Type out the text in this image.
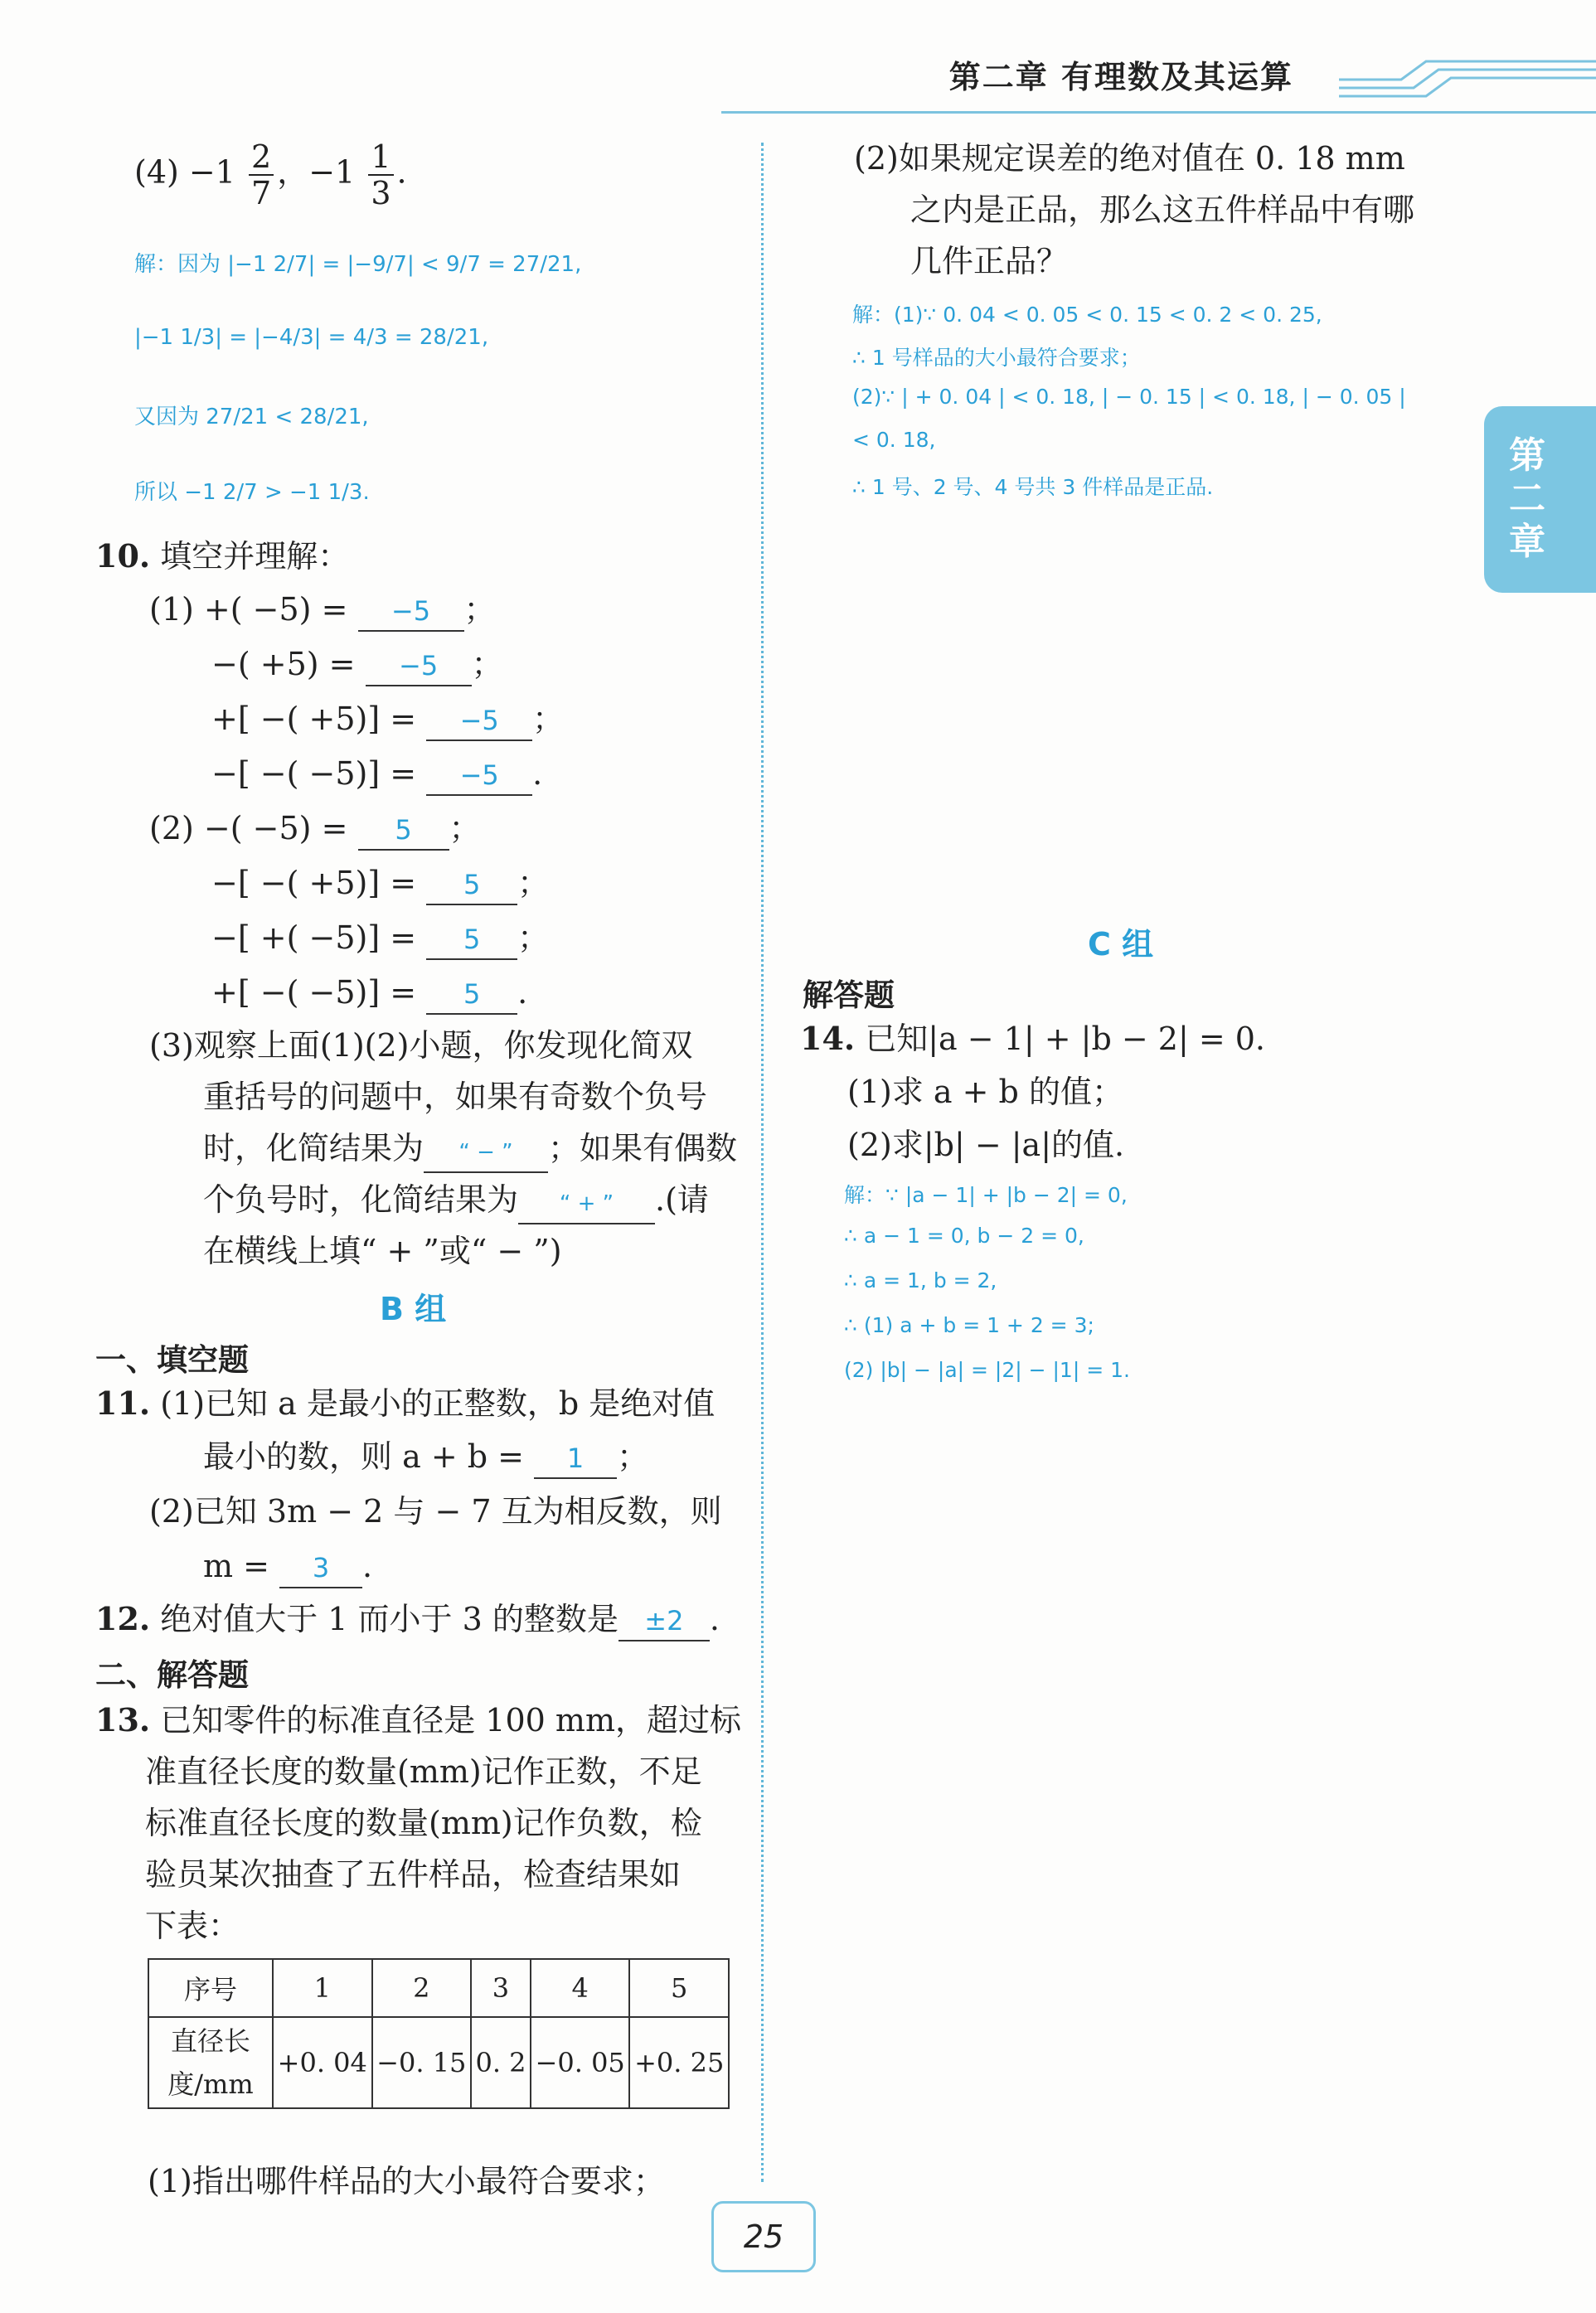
第二章 有理数及其运算
第二章
$(4) -1 \frac{2}{7}$ ，$-1 \frac{1}{3}$ .
解：因为 |−1 2/7| = |−9/7| < 9/7 = 27/21,
|−1 1/3| = |−4/3| = 4/3 = 28/21,
又因为 27/21 < 28/21,
所以 −1 2/7 > −1 1/3.
10. 填空并理解：
(1) +( −5) = −5 ；
−( +5) = −5 ；
+[ −( +5)] = −5 ；
−[ −( −5)] = −5 .
(2) −( −5) = 5 ；
−[ −( +5)] = 5 ；
−[ +( −5)] = 5 ；
+[ −( −5)] = 5 .
(3)观察上面(1)(2)小题，你发现化简双
重括号的问题中，如果有奇数个负号
时，化简结果为 “ − ” ；如果有偶数
个负号时，化简结果为 “ + ” .(请
在横线上填“ + ”或“ − ”)
B 组
一、填空题
11. (1)已知 a 是最小的正整数，b 是绝对值
最小的数，则 a + b = 1 ；
(2)已知 3m − 2 与 − 7 互为相反数，则
m = 3 .
12. 绝对值大于 1 而小于 3 的整数是 ±2 .
二、解答题
13. 已知零件的标准直径是 100 mm，超过标
准直径长度的数量(mm)记作正数，不足
标准直径长度的数量(mm)记作负数，检
验员某次抽查了五件样品，检查结果如
下表：
序号	1	2	3	4	5

直径长
度/mm	+0. 04	−0. 15	0. 2	−0. 05	+0. 25
(1)指出哪件样品的大小最符合要求；
(2)如果规定误差的绝对值在 0. 18 mm
之内是正品，那么这五件样品中有哪
几件正品？
解：(1)∵ 0. 04 < 0. 05 < 0. 15 < 0. 2 < 0. 25,
∴ 1 号样品的大小最符合要求；
(2)∵ | + 0. 04 | < 0. 18, | − 0. 15 | < 0. 18, | − 0. 05 |
< 0. 18,
∴ 1 号、2 号、4 号共 3 件样品是正品.
C 组
解答题
14. 已知|a − 1| + |b − 2| = 0.
(1)求 a + b 的值；
(2)求|b| − |a|的值.
解：∵ |a − 1| + |b − 2| = 0,
∴ a − 1 = 0, b − 2 = 0,
∴ a = 1, b = 2,
∴ (1) a + b = 1 + 2 = 3;
(2) |b| − |a| = |2| − |1| = 1.
25
